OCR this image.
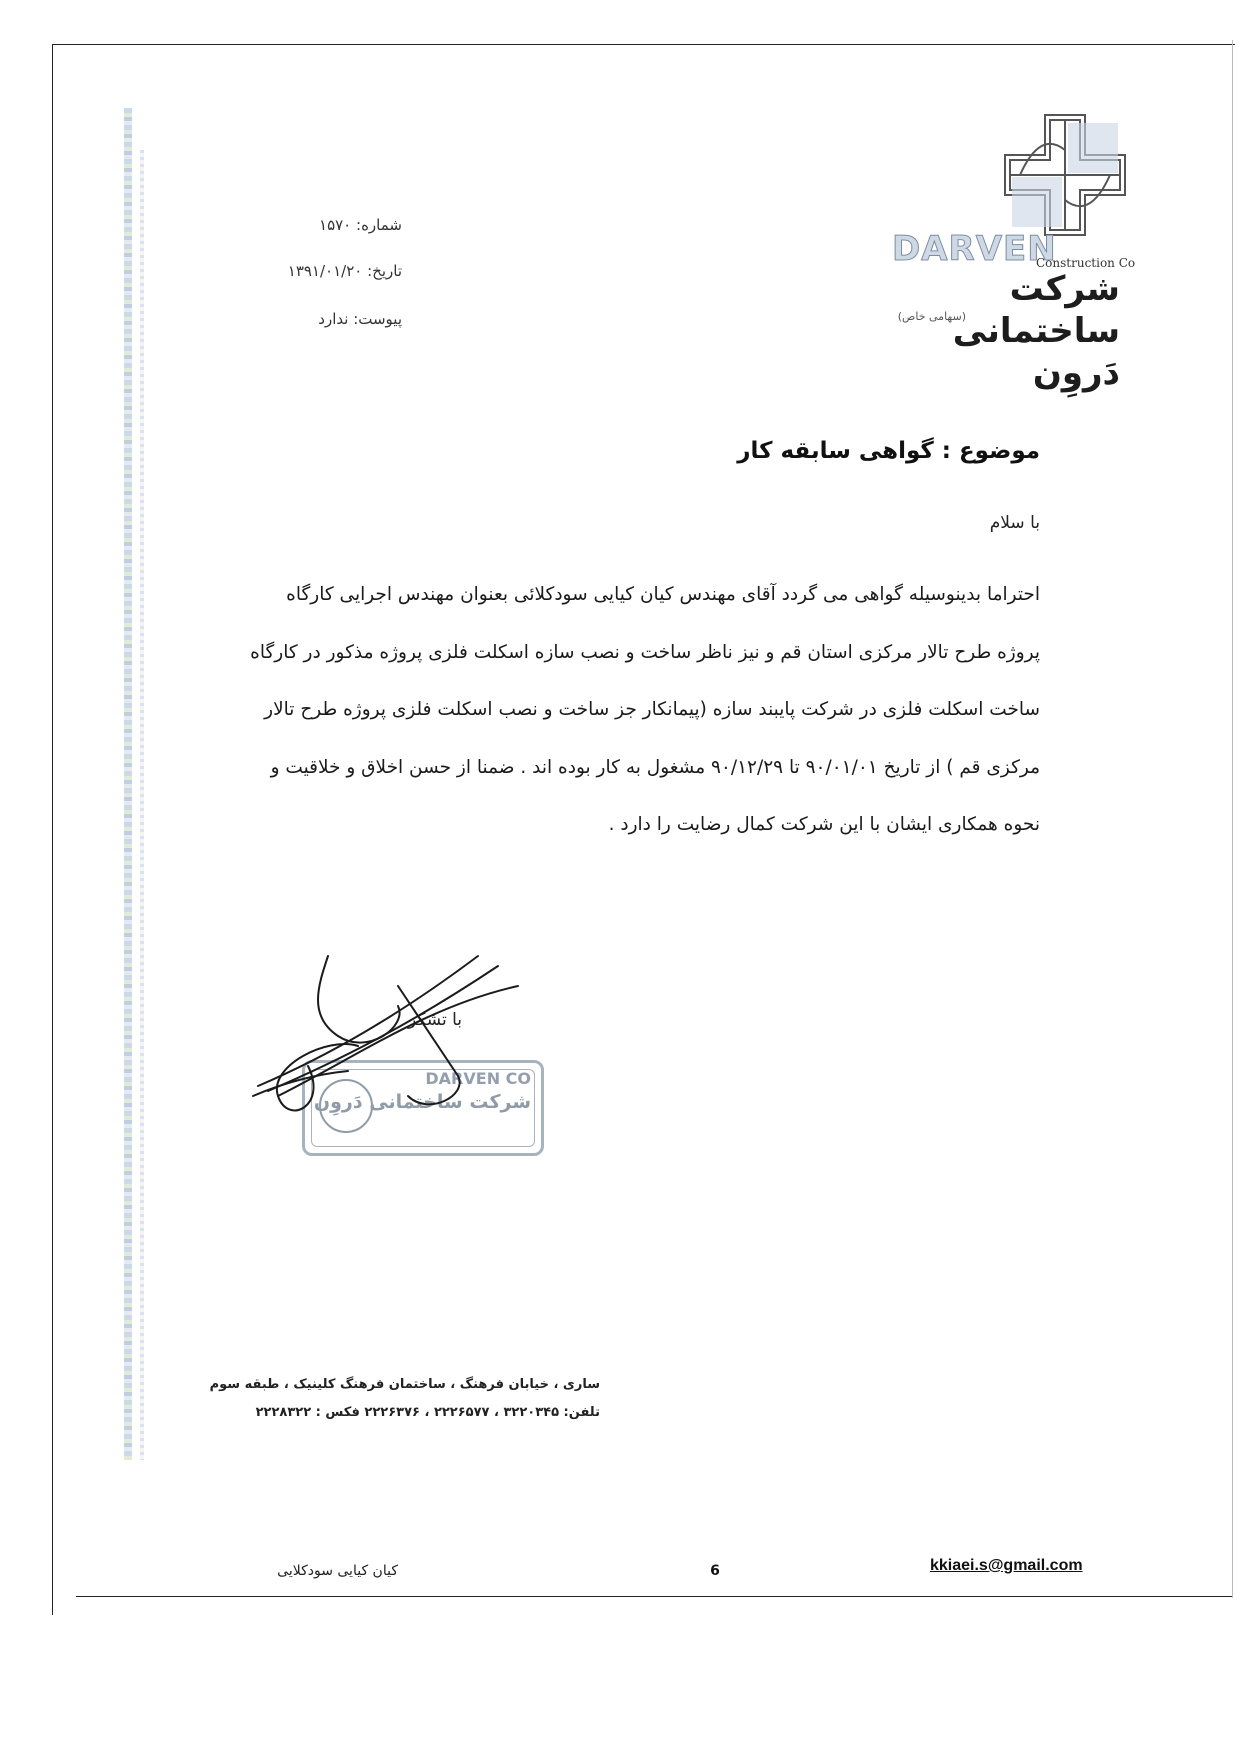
DARVEN
Construction Co
شرکت ساختمانی دَروِن
(سهامی خاص)
شماره: ۱۵۷۰
تاریخ: ۱۳۹۱/۰۱/۲۰
پیوست: ندارد
موضوع : گواهی سابقه کار
با سلام
احتراما بدینوسیله گواهی می گردد آقای مهندس کیان کیایی سودکلائی بعنوان مهندس اجرایی کارگاه
پروژه طرح تالار مرکزی استان قم و نیز ناظر ساخت و نصب سازه اسکلت فلزی پروژه مذکور در کارگاه
ساخت اسکلت فلزی در شرکت پایبند سازه (پیمانکار جز ساخت و نصب اسکلت فلزی پروژه طرح تالار
مرکزی قم ) از تاریخ ۹۰/۰۱/۰۱ تا ۹۰/۱۲/۲۹ مشغول به کار بوده اند . ضمنا از حسن اخلاق و خلاقیت و
نحوه همکاری ایشان با این شرکت کمال رضایت را دارد .
با تشکر
DARVEN CO
شرکت ساختمانی دَروِن
ساری ، خیابان فرهنگ ، ساختمان فرهنگ کلینیک ، طبقه سوم
تلفن: ۳۲۲۰۳۴۵ ، ۲۲۲۶۵۷۷ ، ۲۲۲۶۳۷۶ فکس : ۲۲۲۸۳۲۲
کیان کیایی سودکلایی	6	kkiaei.s@gmail.com
